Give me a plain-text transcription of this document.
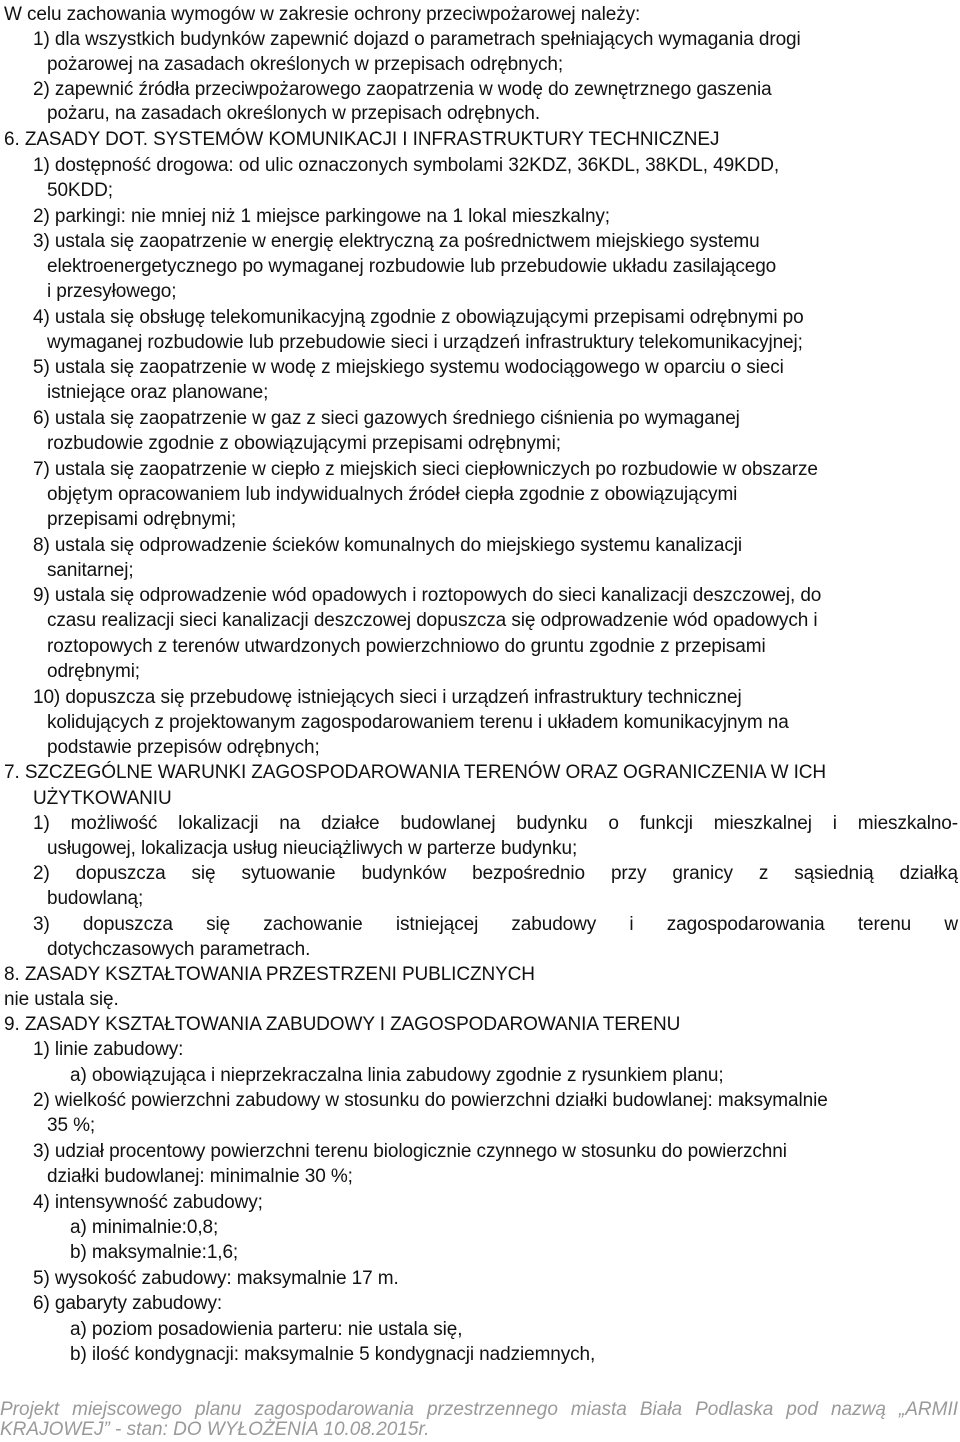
W celu zachowania wymogów w zakresie ochrony przeciwpożarowej należy:
1) dla wszystkich budynków zapewnić dojazd o parametrach spełniających wymagania drogi
pożarowej na zasadach określonych w przepisach odrębnych;
2) zapewnić źródła przeciwpożarowego zaopatrzenia w wodę do zewnętrznego gaszenia
pożaru, na zasadach określonych w przepisach odrębnych.
6. ZASADY DOT. SYSTEMÓW KOMUNIKACJI I INFRASTRUKTURY TECHNICZNEJ
1) dostępność drogowa: od ulic oznaczonych symbolami 32KDZ, 36KDL, 38KDL, 49KDD,
50KDD;
2) parkingi: nie mniej niż 1 miejsce parkingowe na 1 lokal mieszkalny;
3) ustala się zaopatrzenie w energię elektryczną za pośrednictwem miejskiego systemu
elektroenergetycznego po wymaganej rozbudowie lub przebudowie układu zasilającego
i przesyłowego;
4) ustala się obsługę telekomunikacyjną zgodnie z obowiązującymi przepisami odrębnymi po
wymaganej rozbudowie lub przebudowie sieci i urządzeń infrastruktury telekomunikacyjnej;
5) ustala się zaopatrzenie w wodę z miejskiego systemu wodociągowego w oparciu o sieci
istniejące oraz planowane;
6) ustala się zaopatrzenie w gaz z sieci gazowych średniego ciśnienia po wymaganej
rozbudowie zgodnie z obowiązującymi przepisami odrębnymi;
7) ustala się zaopatrzenie w ciepło z miejskich sieci ciepłowniczych po rozbudowie w obszarze
objętym opracowaniem lub indywidualnych źródeł ciepła zgodnie z obowiązującymi
przepisami odrębnymi;
8) ustala się odprowadzenie ścieków komunalnych do miejskiego systemu kanalizacji
sanitarnej;
9) ustala się odprowadzenie wód opadowych i roztopowych do sieci kanalizacji deszczowej, do
czasu realizacji sieci kanalizacji deszczowej dopuszcza się odprowadzenie wód opadowych i
roztopowych z terenów utwardzonych powierzchniowo do gruntu zgodnie z przepisami
odrębnymi;
10) dopuszcza się przebudowę istniejących sieci i urządzeń infrastruktury technicznej
kolidujących z projektowanym zagospodarowaniem terenu i układem komunikacyjnym na
podstawie przepisów odrębnych;
7. SZCZEGÓLNE WARUNKI ZAGOSPODAROWANIA TERENÓW ORAZ OGRANICZENIA W ICH
UŻYTKOWANIU
1) możliwość lokalizacji na działce budowlanej budynku o funkcji mieszkalnej i mieszkalno-
usługowej, lokalizacja usług nieuciążliwych w parterze budynku;
2) dopuszcza się sytuowanie budynków bezpośrednio przy granicy z sąsiednią działką
budowlaną;
3) dopuszcza się zachowanie istniejącej zabudowy i zagospodarowania terenu w
dotychczasowych parametrach.
8. ZASADY KSZTAŁTOWANIA PRZESTRZENI PUBLICZNYCH
nie ustala się.
9. ZASADY KSZTAŁTOWANIA ZABUDOWY I ZAGOSPODAROWANIA TERENU
1) linie zabudowy:
a) obowiązująca i nieprzekraczalna linia zabudowy zgodnie z rysunkiem planu;
2) wielkość powierzchni zabudowy w stosunku do powierzchni działki budowlanej: maksymalnie
35 %;
3) udział procentowy powierzchni terenu biologicznie czynnego w stosunku do powierzchni
działki budowlanej: minimalnie 30 %;
4) intensywność zabudowy;
a) minimalnie:0,8;
b) maksymalnie:1,6;
5) wysokość zabudowy: maksymalnie 17 m.
6) gabaryty zabudowy:
a) poziom posadowienia parteru: nie ustala się,
b) ilość kondygnacji: maksymalnie 5 kondygnacji nadziemnych,
Projekt miejscowego planu zagospodarowania przestrzennego miasta Biała Podlaska pod nazwą „ARMII
KRAJOWEJ” - stan: DO WYŁOŻENIA 10.08.2015r.
